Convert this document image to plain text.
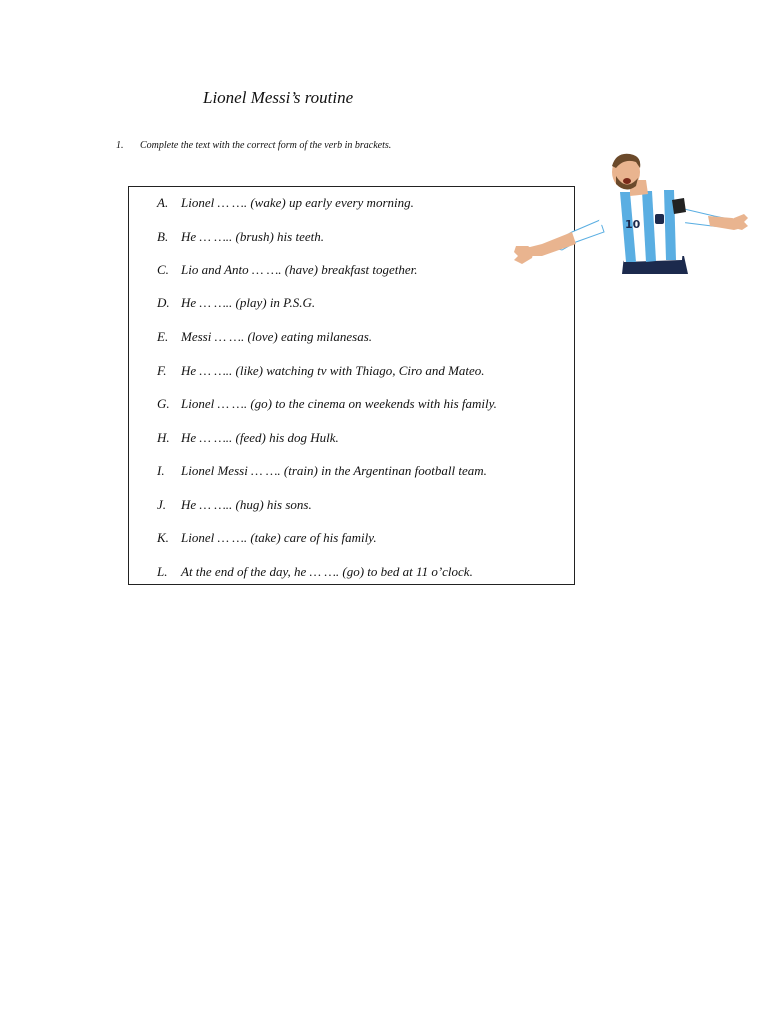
Lionel Messi’s routine
1. Complete the text with the correct form of the verb in brackets.
A. Lionel … …. (wake) up early every morning.
B. He … ….. (brush) his teeth.
C. Lio and Anto … …. (have) breakfast together.
D. He … ….. (play) in P.S.G.
E. Messi … …. (love) eating milanesas.
F. He … ….. (like) watching tv with Thiago, Ciro and Mateo.
G. Lionel … …. (go) to the cinema on weekends with his family.
H. He … ….. (feed) his dog Hulk.
I. Lionel Messi … …. (train) in the Argentinan football team.
J. He … ….. (hug) his sons.
K. Lionel … …. (take) care of his family.
L. At the end of the day, he … …. (go) to bed at 11 o’clock.
10
